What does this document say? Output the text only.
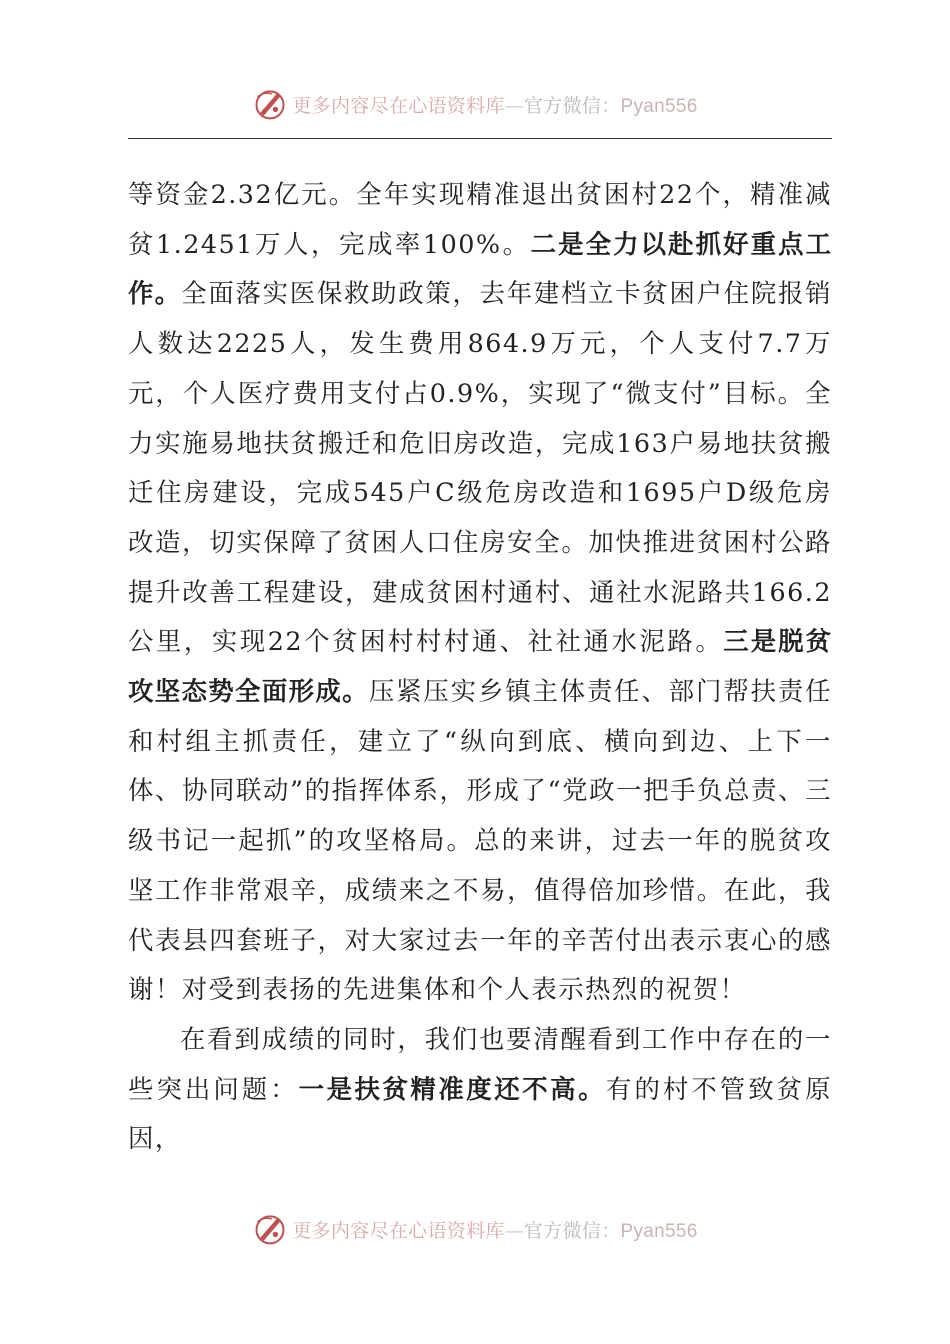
更多内容尽在心语资料库—官方微信：Pyan556

等资金2.32亿元。全年实现精准退出贫困村22个，精准减贫1.2451万人，完成率100%。二是全力以赴抓好重点工作。全面落实医保救助政策，去年建档立卡贫困户住院报销人数达2225人，发生费用864.9万元，个人支付7.7万元，个人医疗费用支付占0.9%，实现了“微支付”目标。全力实施易地扶贫搬迁和危旧房改造，完成163户易地扶贫搬迁住房建设，完成545户C级危房改造和1695户D级危房改造，切实保障了贫困人口住房安全。加快推进贫困村公路提升改善工程建设，建成贫困村通村、通社水泥路共166.2公里，实现22个贫困村村村通、社社通水泥路。三是脱贫攻坚态势全面形成。压紧压实乡镇主体责任、部门帮扶责任和村组主抓责任，建立了“纵向到底、横向到边、上下一体、协同联动”的指挥体系，形成了“党政一把手负总责、三级书记一起抓”的攻坚格局。总的来讲，过去一年的脱贫攻坚工作非常艰辛，成绩来之不易，值得倍加珍惜。在此，我代表县四套班子，对大家过去一年的辛苦付出表示衷心的感谢！对受到表扬的先进集体和个人表示热烈的祝贺！

在看到成绩的同时，我们也要清醒看到工作中存在的一些突出问题：一是扶贫精准度还不高。有的村不管致贫原因，

更多内容尽在心语资料库—官方微信：Pyan556
